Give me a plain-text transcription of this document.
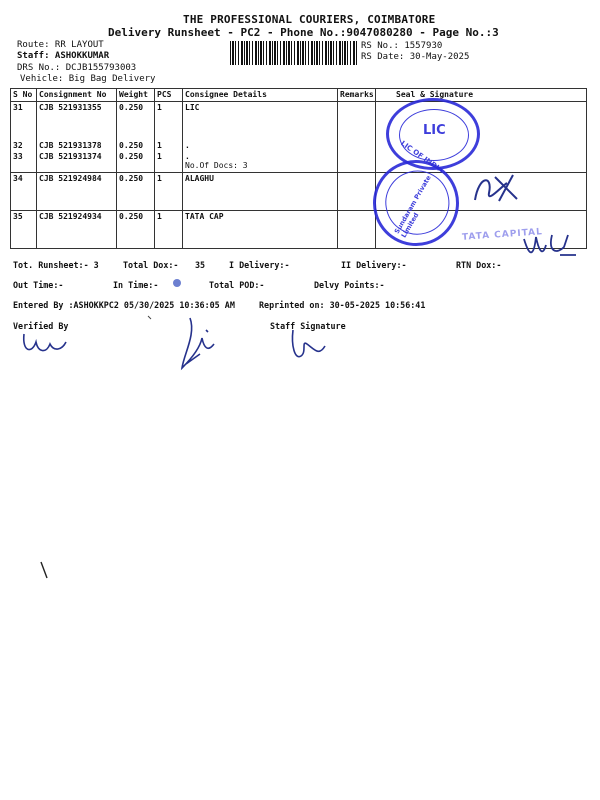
THE PROFESSIONAL COURIERS, COIMBATORE
Delivery Runsheet - PC2 - Phone No.:9047080280 - Page No.:3
Route: RR LAYOUT
Staff: ASHOKKUMAR
DRS No.: DCJB155793003
Vehicle: Big Bag Delivery
RS No.: 1557930
RS Date: 30-May-2025
S No	Consignment No	Weight	PCS	Consignee Details	Remarks	Seal & Signature
31	CJB 521931355	0.250	1	LIC		
32	CJB 521931378	0.250	1	.		
33	CJB 521931374	0.250	1	.
No.Of Docs: 3		

34	CJB 521924984	0.250	1	ALAGHU		
35	CJB 521924934	0.250	1	TATA CAP		
LIC
LIC OF INDIA
Sundaram Private Limited	TATA CAPITAL
Tot. Runsheet:- 3	Total Dox:- 35	I Delivery:-	II Delivery:-	RTN Dox:-
Out Time:-	In Time:-	Total POD:-	Delvy Points:-
Entered By :ASHOKKPC2 05/30/2025 10:36:05 AM	Reprinted on: 30-05-2025 10:56:41
Verified By	Staff Signature
